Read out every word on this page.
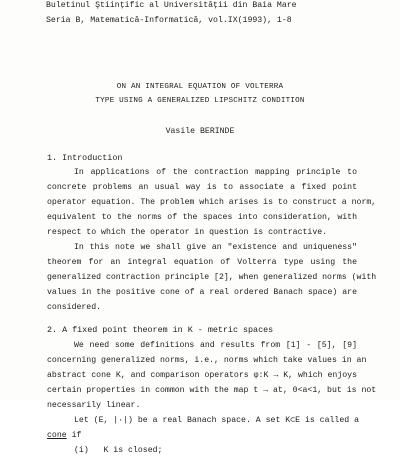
Buletinul Ştiinţific al Universităţii din Baia Mare
Seria B, Matematică-Informatică, vol.IX(1993), 1-8
ON AN INTEGRAL EQUATION OF VOLTERRA
TYPE USING A GENERALIZED LIPSCHITZ CONDITION
Vasile BERINDE
1. Introduction
In applications of the contraction mapping principle to
concrete problems an usual way is to associate a fixed point
operator equation. The problem which arises is to construct a norm,
equivalent to the norms of the spaces into consideration, with
respect to which the operator in question is contractive.
In this note we shall give an "existence and uniqueness"
theorem for an integral equation of Volterra type using the
generalized contraction principle [2], when generalized norms (with
values in the positive cone of a real ordered Banach space) are
considered.
2. A fixed point theorem in K - metric spaces
We need some definitions and results from [1] - [5], [9]
concerning generalized norms, i.e., norms which take values in an
abstract cone K, and comparison operators φ:K → K, which enjoys
certain properties in common with the map t → at, 0<a<1, but is not
necessarily linear.
Let (E, |·|) be a real Banach space. A set K⊂E is called a
cone if
(i)   K is closed;
